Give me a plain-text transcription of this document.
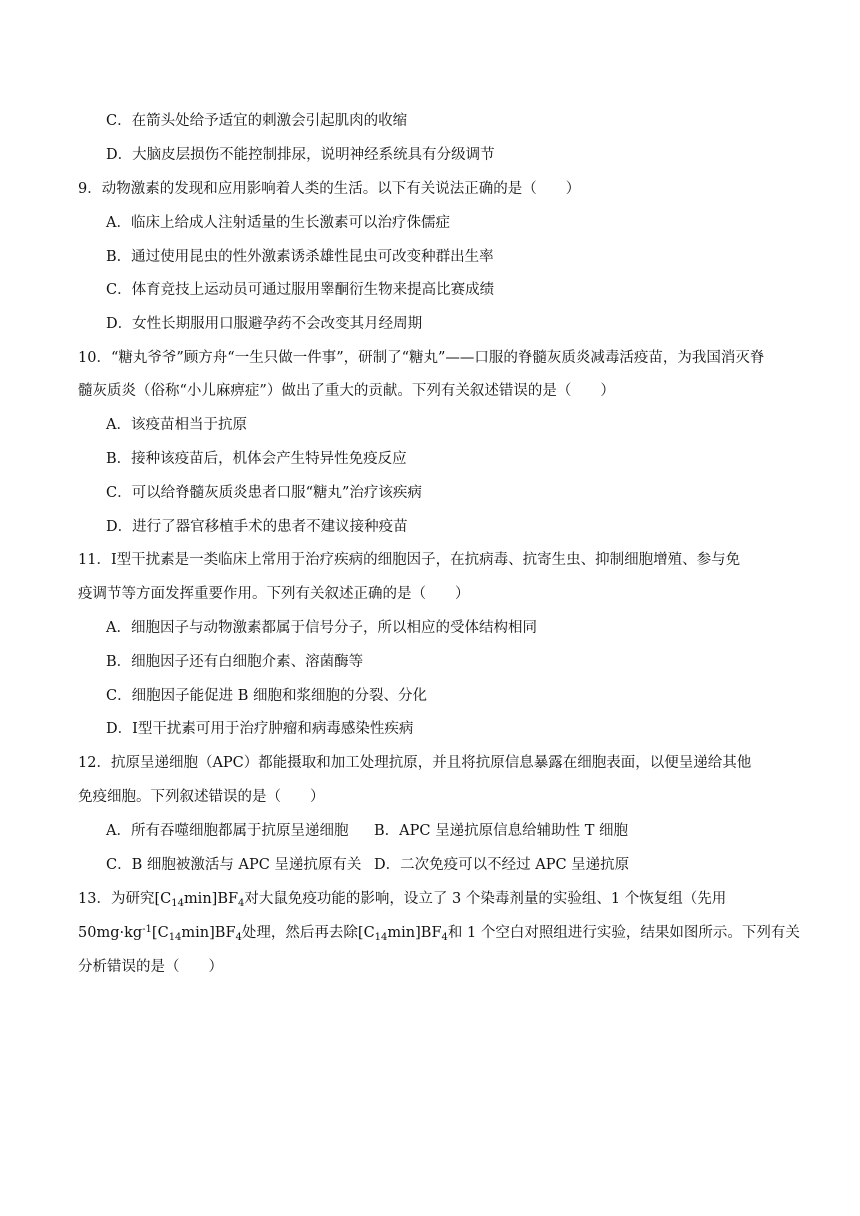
C．在箭头处给予适宜的刺激会引起肌肉的收缩
D．大脑皮层损伤不能控制排尿，说明神经系统具有分级调节
9．动物激素的发现和应用影响着人类的生活。以下有关说法正确的是（　　）
A．临床上给成人注射适量的生长激素可以治疗侏儒症
B．通过使用昆虫的性外激素诱杀雄性昆虫可改变种群出生率
C．体育竞技上运动员可通过服用睾酮衍生物来提高比赛成绩
D．女性长期服用口服避孕药不会改变其月经周期
10．“糖丸爷爷”顾方舟“一生只做一件事”，研制了“糖丸”——口服的脊髓灰质炎减毒活疫苗，为我国消灭脊
髓灰质炎（俗称“小儿麻痹症”）做出了重大的贡献。下列有关叙述错误的是（　　）
A．该疫苗相当于抗原
B．接种该疫苗后，机体会产生特异性免疫反应
C．可以给脊髓灰质炎患者口服“糖丸”治疗该疾病
D．进行了器官移植手术的患者不建议接种疫苗
11．Ⅰ型干扰素是一类临床上常用于治疗疾病的细胞因子，在抗病毒、抗寄生虫、抑制细胞增殖、参与免
疫调节等方面发挥重要作用。下列有关叙述正确的是（　　）
A．细胞因子与动物激素都属于信号分子，所以相应的受体结构相同
B．细胞因子还有白细胞介素、溶菌酶等
C．细胞因子能促进 B 细胞和浆细胞的分裂、分化
D．Ⅰ型干扰素可用于治疗肿瘤和病毒感染性疾病
12．抗原呈递细胞（APC）都能摄取和加工处理抗原，并且将抗原信息暴露在细胞表面，以便呈递给其他
免疫细胞。下列叙述错误的是（　　）
A．所有吞噬细胞都属于抗原呈递细胞 B．APC 呈递抗原信息给辅助性 T 细胞
C．B 细胞被激活与 APC 呈递抗原有关 D．二次免疫可以不经过 APC 呈递抗原
13．为研究$[C_{14}\min]BF_4$对大鼠免疫功能的影响，设立了 3 个染毒剂量的实验组、1 个恢复组（先用
$50mg\cdot kg^{-1}[C_{14}\min]BF_4$处理，然后再去除$[C_{14}\min]BF_4$和 1 个空白对照组进行实验，结果如图所示。下列有关
分析错误的是（　　）
